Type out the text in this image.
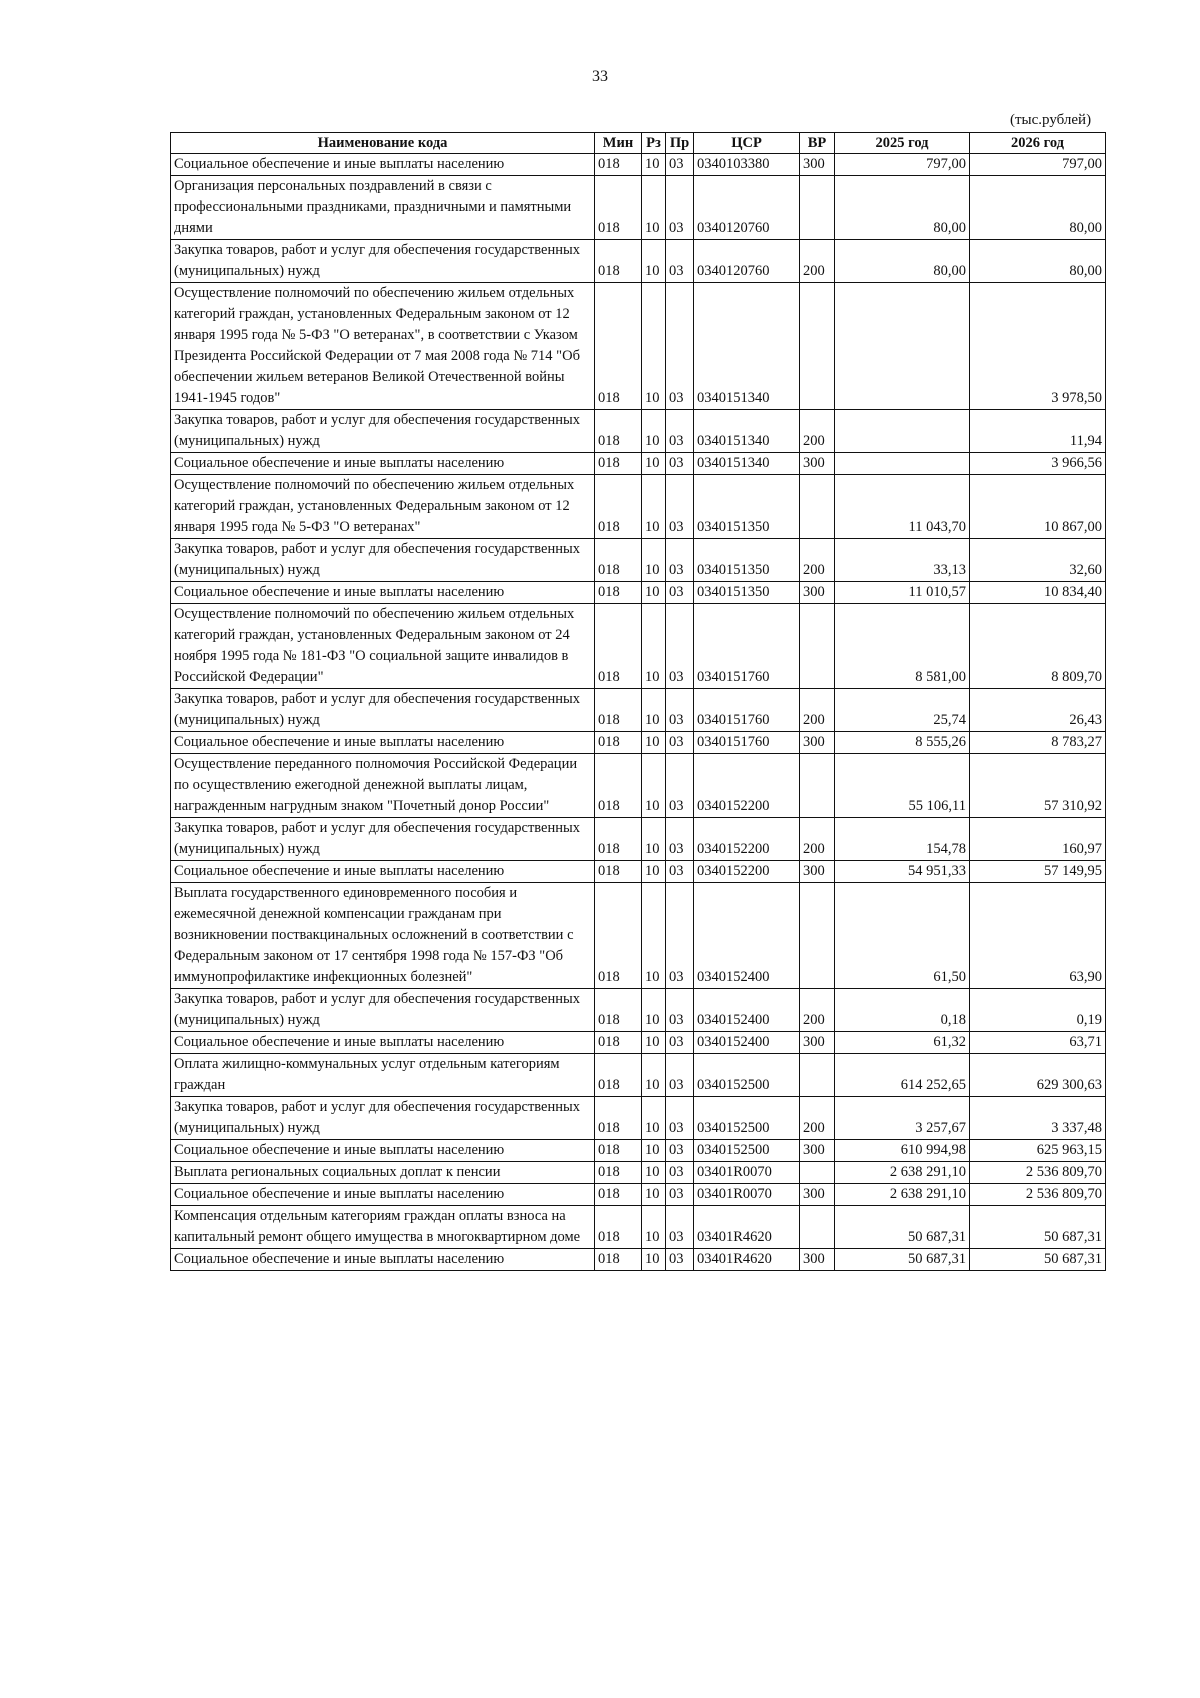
33
(тыс.рублей)
Наименование кода	Мин	Рз	Пр	ЦСР	ВР	2025 год	2026 год
Социальное обеспечение и иные выплаты населению	018	10	03	0340103380	300	797,00	797,00
Организация персональных поздравлений в связи с профессиональными праздниками, праздничными и памятными днями	018	10	03	0340120760		80,00	80,00
Закупка товаров, работ и услуг для обеспечения государственных (муниципальных) нужд	018	10	03	0340120760	200	80,00	80,00
Осуществление полномочий по обеспечению жильем отдельных категорий граждан, установленных Федеральным законом от 12 января 1995 года № 5-ФЗ "О ветеранах", в соответствии с Указом Президента Российской Федерации от 7 мая 2008 года № 714 "Об обеспечении жильем ветеранов Великой Отечественной войны 1941-1945 годов"	018	10	03	0340151340			3 978,50
Закупка товаров, работ и услуг для обеспечения государственных (муниципальных) нужд	018	10	03	0340151340	200		11,94
Социальное обеспечение и иные выплаты населению	018	10	03	0340151340	300		3 966,56
Осуществление полномочий по обеспечению жильем отдельных категорий граждан, установленных Федеральным законом от 12 января 1995 года № 5-ФЗ "О ветеранах"	018	10	03	0340151350		11 043,70	10 867,00
Закупка товаров, работ и услуг для обеспечения государственных (муниципальных) нужд	018	10	03	0340151350	200	33,13	32,60
Социальное обеспечение и иные выплаты населению	018	10	03	0340151350	300	11 010,57	10 834,40
Осуществление полномочий по обеспечению жильем отдельных категорий граждан, установленных Федеральным законом от 24 ноября 1995 года № 181-ФЗ "О социальной защите инвалидов в Российской Федерации"	018	10	03	0340151760		8 581,00	8 809,70
Закупка товаров, работ и услуг для обеспечения государственных (муниципальных) нужд	018	10	03	0340151760	200	25,74	26,43
Социальное обеспечение и иные выплаты населению	018	10	03	0340151760	300	8 555,26	8 783,27
Осуществление переданного полномочия Российской Федерации по осуществлению ежегодной денежной выплаты лицам, награжденным нагрудным знаком "Почетный донор России"	018	10	03	0340152200		55 106,11	57 310,92
Закупка товаров, работ и услуг для обеспечения государственных (муниципальных) нужд	018	10	03	0340152200	200	154,78	160,97
Социальное обеспечение и иные выплаты населению	018	10	03	0340152200	300	54 951,33	57 149,95
Выплата государственного единовременного пособия и ежемесячной денежной компенсации гражданам при возникновении поствакцинальных осложнений в соответствии с Федеральным законом от 17 сентября 1998 года № 157-ФЗ "Об иммунопрофилактике инфекционных болезней"	018	10	03	0340152400		61,50	63,90
Закупка товаров, работ и услуг для обеспечения государственных (муниципальных) нужд	018	10	03	0340152400	200	0,18	0,19
Социальное обеспечение и иные выплаты населению	018	10	03	0340152400	300	61,32	63,71
Оплата жилищно-коммунальных услуг отдельным категориям граждан	018	10	03	0340152500		614 252,65	629 300,63
Закупка товаров, работ и услуг для обеспечения государственных (муниципальных) нужд	018	10	03	0340152500	200	3 257,67	3 337,48
Социальное обеспечение и иные выплаты населению	018	10	03	0340152500	300	610 994,98	625 963,15
Выплата региональных социальных доплат к пенсии	018	10	03	03401R0070		2 638 291,10	2 536 809,70
Социальное обеспечение и иные выплаты населению	018	10	03	03401R0070	300	2 638 291,10	2 536 809,70
Компенсация отдельным категориям граждан оплаты взноса на капитальный ремонт общего имущества в многоквартирном доме	018	10	03	03401R4620		50 687,31	50 687,31
Социальное обеспечение и иные выплаты населению	018	10	03	03401R4620	300	50 687,31	50 687,31
